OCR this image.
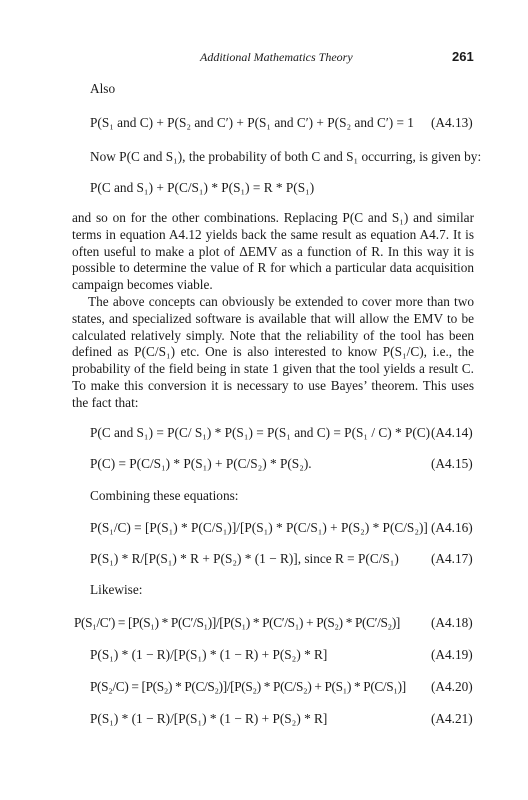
Additional Mathematics Theory	261
Also
P(S₁ and C) + P(S₂ and C′) + P(S₁ and C′) + P(S₂ and C′) = 1 (A4.13)
Now P(C and S₁), the probability of both C and S₁ occurring, is given by:
P(C and S₁) + P(C/S₁) * P(S₁) = R * P(S₁)

and so on for the other combinations. Replacing P(C and S₁) and similar terms in equation A4.12 yields back the same result as equation A4.7. It is often useful to make a plot of ΔEMV as a function of R. In this way it is possible to determine the value of R for which a particular data acquisition campaign becomes viable.

The above concepts can obviously be extended to cover more than two states, and specialized software is available that will allow the EMV to be calculated relatively simply. Note that the reliability of the tool has been defined as P(C/S₁) etc. One is also interested to know P(S₁/C), i.e., the probability of the field being in state 1 given that the tool yields a result C. To make this conversion it is necessary to use Bayes’ theorem. This uses the fact that:

P(C and S₁) = P(C/ S₁) * P(S₁) = P(S₁ and C) = P(S₁ / C) * P(C) (A4.14)
P(C) = P(C/S₁) * P(S₁) + P(C/S₂) * P(S₂).	(A4.15)
Combining these equations:
P(S₁/C) = [P(S₁) * P(C/S₁)]/[P(S₁) * P(C/S₁) + P(S₂) * P(C/S₂)] (A4.16)
P(S₁) * R/[P(S₁) * R + P(S₂) * (1 − R)], since R = P(C/S₁) (A4.17)
Likewise:
P(S₁/C′) = [P(S₁) * P(C′/S₁)]/[P(S₁) * P(C′/S₁) + P(S₂) * P(C′/S₂)] (A4.18)
P(S₁) * (1 − R)/[P(S₁) * (1 − R) + P(S₂) * R]	(A4.19)
P(S₂/C) = [P(S₂) * P(C/S₂)]/[P(S₂) * P(C/S₂) + P(S₁) * P(C/S₁)] (A4.20)
P(S₁) * (1 − R)/[P(S₁) * (1 − R) + P(S₂) * R]	(A4.21)
